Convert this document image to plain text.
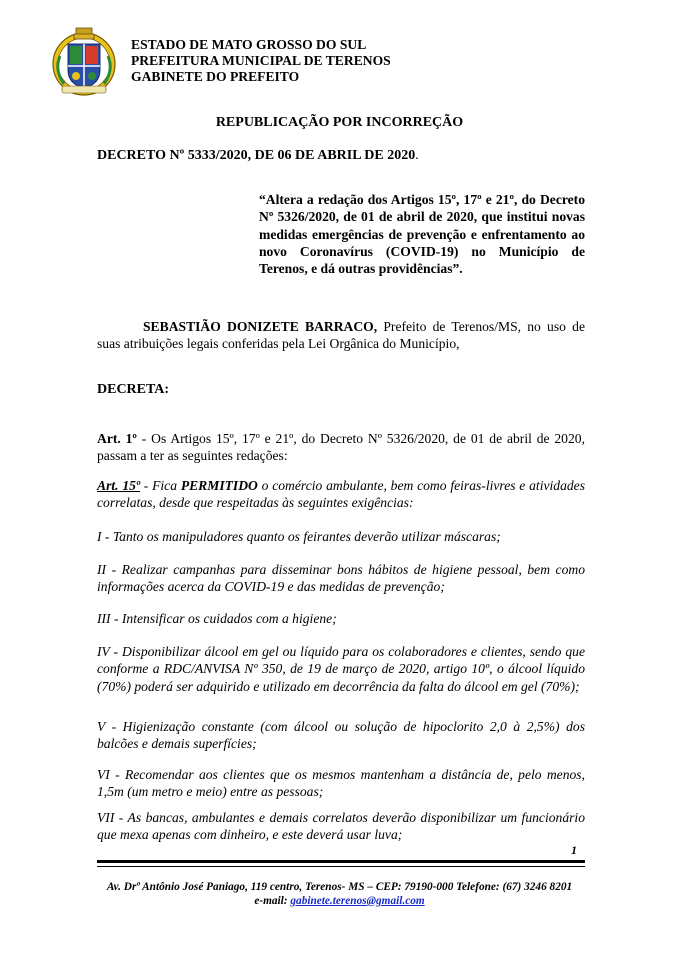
ESTADO DE MATO GROSSO DO SUL
PREFEITURA MUNICIPAL DE TERENOS
GABINETE DO PREFEITO
REPUBLICAÇÃO POR INCORREÇÃO
DECRETO Nº 5333/2020, DE 06 DE ABRIL DE 2020.
“Altera a redação dos Artigos 15º, 17º e 21º, do Decreto Nº 5326/2020, de 01 de abril de 2020, que institui novas medidas emergências de prevenção e enfrentamento ao novo Coronavírus (COVID-19) no Município de Terenos, e dá outras providências”.
SEBASTIÃO DONIZETE BARRACO, Prefeito de Terenos/MS, no uso de suas atribuições legais conferidas pela Lei Orgânica do Município,
DECRETA:
Art. 1º - Os Artigos 15º, 17º e 21º, do Decreto Nº 5326/2020, de 01 de abril de 2020, passam a ter as seguintes redações:
Art. 15º - Fica PERMITIDO o comércio ambulante, bem como feiras-livres e atividades correlatas, desde que respeitadas às seguintes exigências:
I - Tanto os manipuladores quanto os feirantes deverão utilizar máscaras;
II - Realizar campanhas para disseminar bons hábitos de higiene pessoal, bem como informações acerca da COVID-19 e das medidas de prevenção;
III - Intensificar os cuidados com a higiene;
IV - Disponibilizar álcool em gel ou líquido para os colaboradores e clientes, sendo que conforme a RDC/ANVISA Nº 350, de 19 de março de 2020, artigo 10º, o álcool líquido (70%) poderá ser adquirido e utilizado em decorrência da falta do álcool em gel (70%);
V - Higienização constante (com álcool ou solução de hipoclorito 2,0 à 2,5%) dos balcões e demais superfícies;
VI - Recomendar aos clientes que os mesmos mantenham a distância de, pelo menos, 1,5m (um metro e meio) entre as pessoas;
VII - As bancas, ambulantes e demais correlatos deverão disponibilizar um funcionário que mexa apenas com dinheiro, e este deverá usar luva;
1
Av. Drº Antônio José Paniago, 119 centro, Terenos- MS – CEP: 79190-000 Telefone: (67) 3246 8201
e-mail: gabinete.terenos@gmail.com
